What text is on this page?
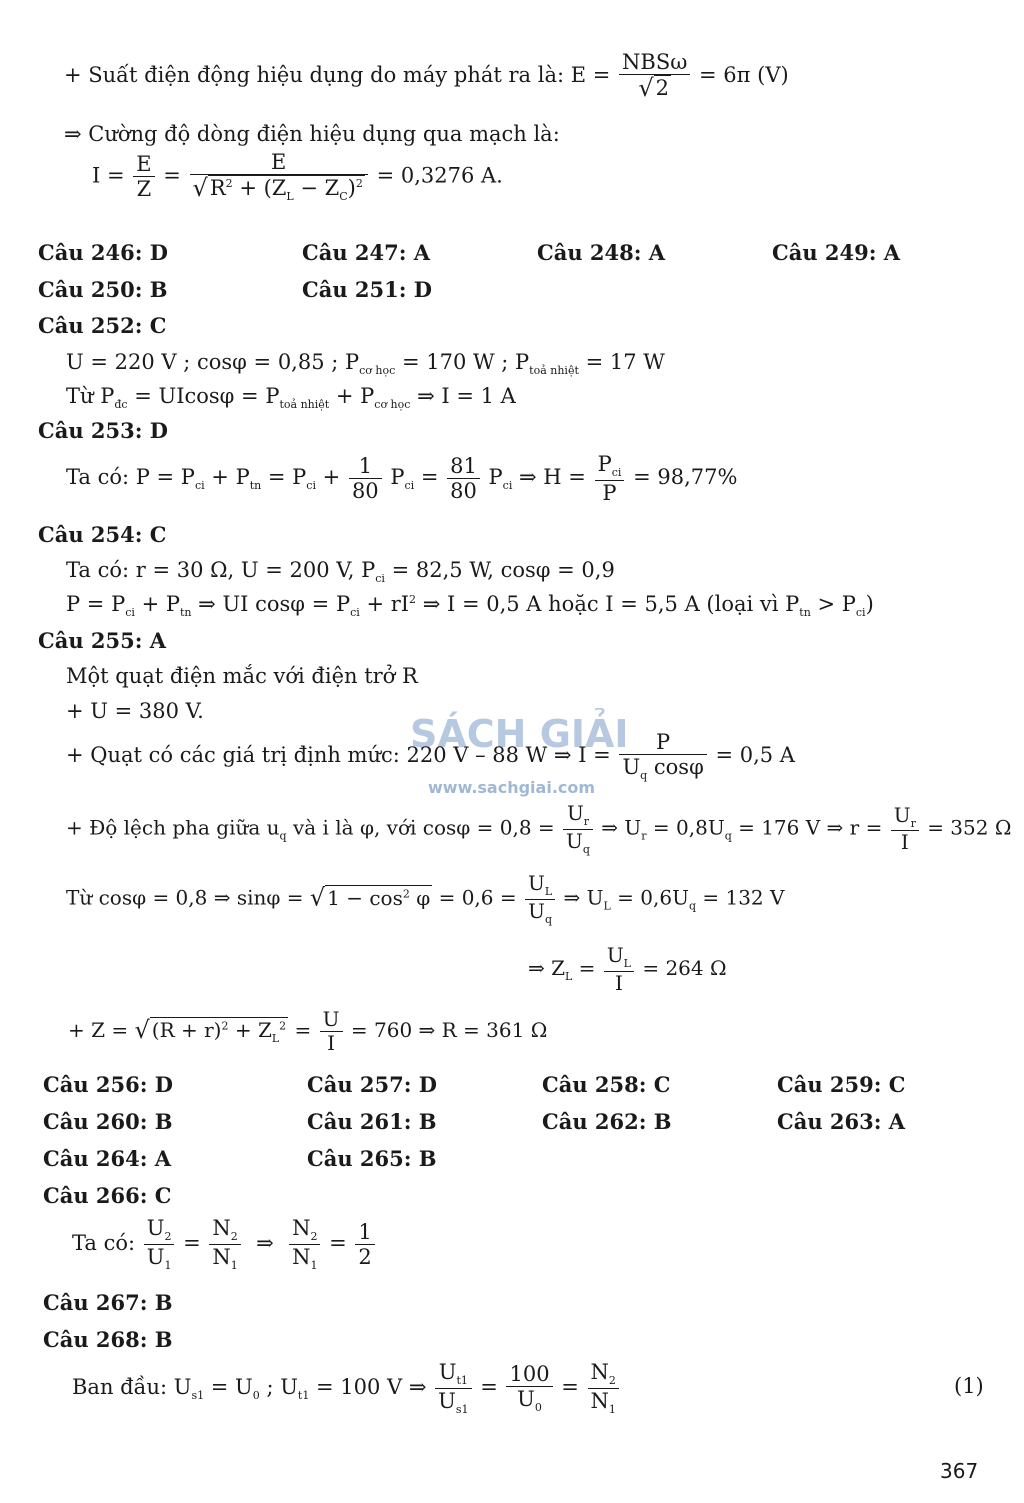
+ Suất điện động hiệu dụng do máy phát ra là: $E = \frac{\text{NBSω}}{√2} = 6\pi$ (V)
⇒ Cường độ dòng điện hiệu dụng qua mạch là:
$I = \frac{E}{Z} = \frac{E}{√R^2 + (Z_L - Z_C)^2} = 0,3276$ A.
Câu 246: D	Câu 247: A	Câu 248: A	Câu 249: A
Câu 250: B	Câu 251: D
Câu 252: C
U = 220 V ; cosφ = 0,85 ; $P_{cơ học} = 170$ W ; $P_{toả nhiệt} = 17$ W
Từ $P_{đc} = UIcos\varphi = P_{toả nhiệt} + P_{cơ học}$ ⇒ I = 1 A
Câu 253: D
Ta có: $P = P_{ci} + P_{tn} = P_{ci} + \frac{1}{80} P_{ci} = \frac{81}{80} P_{ci}$ ⇒ $H = \frac{P_{ci}}{P} = 98,77\%$
Câu 254: C
Ta có: r = 30 Ω, U = 200 V, $P_{ci} = 82,5$ W, cosφ = 0,9
$P = P_{ci} + P_{tn}$ ⇒ UI $\cos\varphi = P_{ci} + rI^2$ ⇒ I = 0,5 A hoặc I = 5,5 A (loại vì $P_{tn} > P_{ci}$)
Câu 255: A
Một quạt điện mắc với điện trở R
+ U = 380 V.
SÁCH GIẢI
www.sachgiai.com
+ Quạt có các giá trị định mức: 220 V – 88 W ⇒ $I = \frac{P}{U_q \cos\varphi} = 0,5$ A
+ Độ lệch pha giữa $u_q$ và i là φ, với $\cos\varphi = 0,8 = \frac{U_r}{U_q}$ ⇒ $U_r = 0,8U_q = 176$ V ⇒ $r = \frac{U_r}{I} = 352$ Ω
Từ cosφ = 0,8 ⇒ sinφ = √ $1 - \cos^2 \varphi = 0,6 = \frac{U_L}{U_q}$ ⇒ $U_L = 0,6U_q = 132$ V
⇒ $Z_L = \frac{U_L}{I} = 264$ Ω
+ Z = √ $(R + r)^2 + Z_L^2 = \frac{U}{I} = 760$ ⇒ R = 361 Ω
Câu 256: D	Câu 257: D	Câu 258: C	Câu 259: C
Câu 260: B	Câu 261: B	Câu 262: B	Câu 263: A
Câu 264: A	Câu 265: B
Câu 266: C
Ta có: $\frac{U_2}{U_1} = \frac{N_2}{N_1}$ ⇒ $\frac{N_2}{N_1} = \frac{1}{2}$
Câu 267: B
Câu 268: B
Ban đầu: $U_{s1} = U_0$ ; $U_{t1} = 100$ V ⇒ $\frac{U_{t1}}{U_{s1}} = \frac{100}{U_0} = \frac{N_2}{N_1}$	(1)
367
